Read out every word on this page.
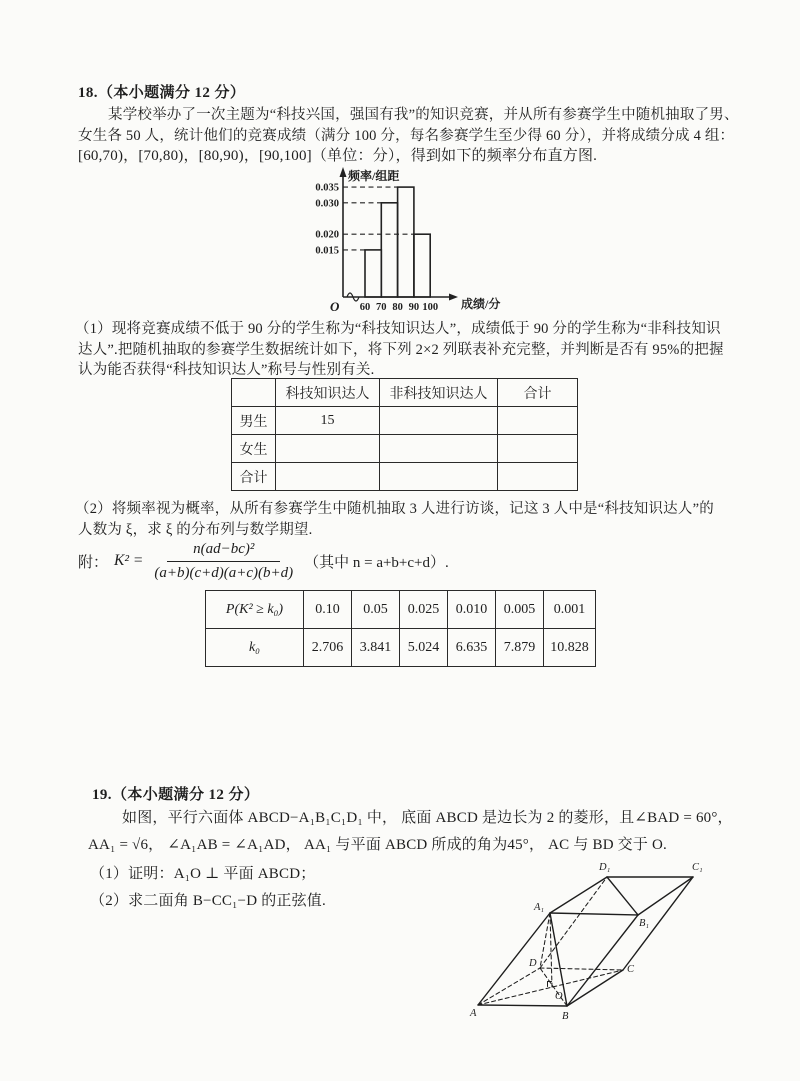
18.（本小题满分 12 分）
某学校举办了一次主题为“科技兴国，强国有我”的知识竞赛，并从所有参赛学生中随机抽取了男、
女生各 50 人，统计他们的竞赛成绩（满分 100 分，每名参赛学生至少得 60 分），并将成绩分成 4 组：
[60,70)，[70,80)，[80,90)，[90,100]（单位：分），得到如下的频率分布直方图.
0.015
0.020
0.030
0.035
60 70 80 90 100
频率/组距
成绩/分
O
（1）现将竞赛成绩不低于 90 分的学生称为“科技知识达人”，成绩低于 90 分的学生称为“非科技知识
达人”.把随机抽取的参赛学生数据统计如下，将下列 2×2 列联表补充完整，并判断是否有 95%的把握
认为能否获得“科技知识达人”称号与性别有关.
	科技知识达人	非科技知识达人	合计
男生	15		
女生			
合计			
（2）将频率视为概率，从所有参赛学生中随机抽取 3 人进行访谈，记这 3 人中是“科技知识达人”的
人数为 ξ，求 ξ 的分布列与数学期望.
附： $K^2 = \frac{\text{n(ad−bc)²}}{(a+b)(c+d)(a+c)(b+d)}$ （其中 n = a+b+c+d）.
P(K² ≥ k₀)	0.10	0.05	0.025	0.010	0.005	0.001
k₀	2.706	3.841	5.024	6.635	7.879	10.828
19.（本小题满分 12 分）
如图，平行六面体 ABCD−A₁B₁C₁D₁ 中， 底面 ABCD 是边长为 2 的菱形，且∠BAD = 60°，
AA₁ = √6， ∠A₁AB = ∠A₁AD， AA₁ 与平面 ABCD 所成的角为45°， AC 与 BD 交于 O.
（1）证明：A₁O ⊥ 平面 ABCD；
（2）求二面角 B−CC₁−D 的正弦值.
A	B
C
D
O
A₁
B₁
C₁
D₁
